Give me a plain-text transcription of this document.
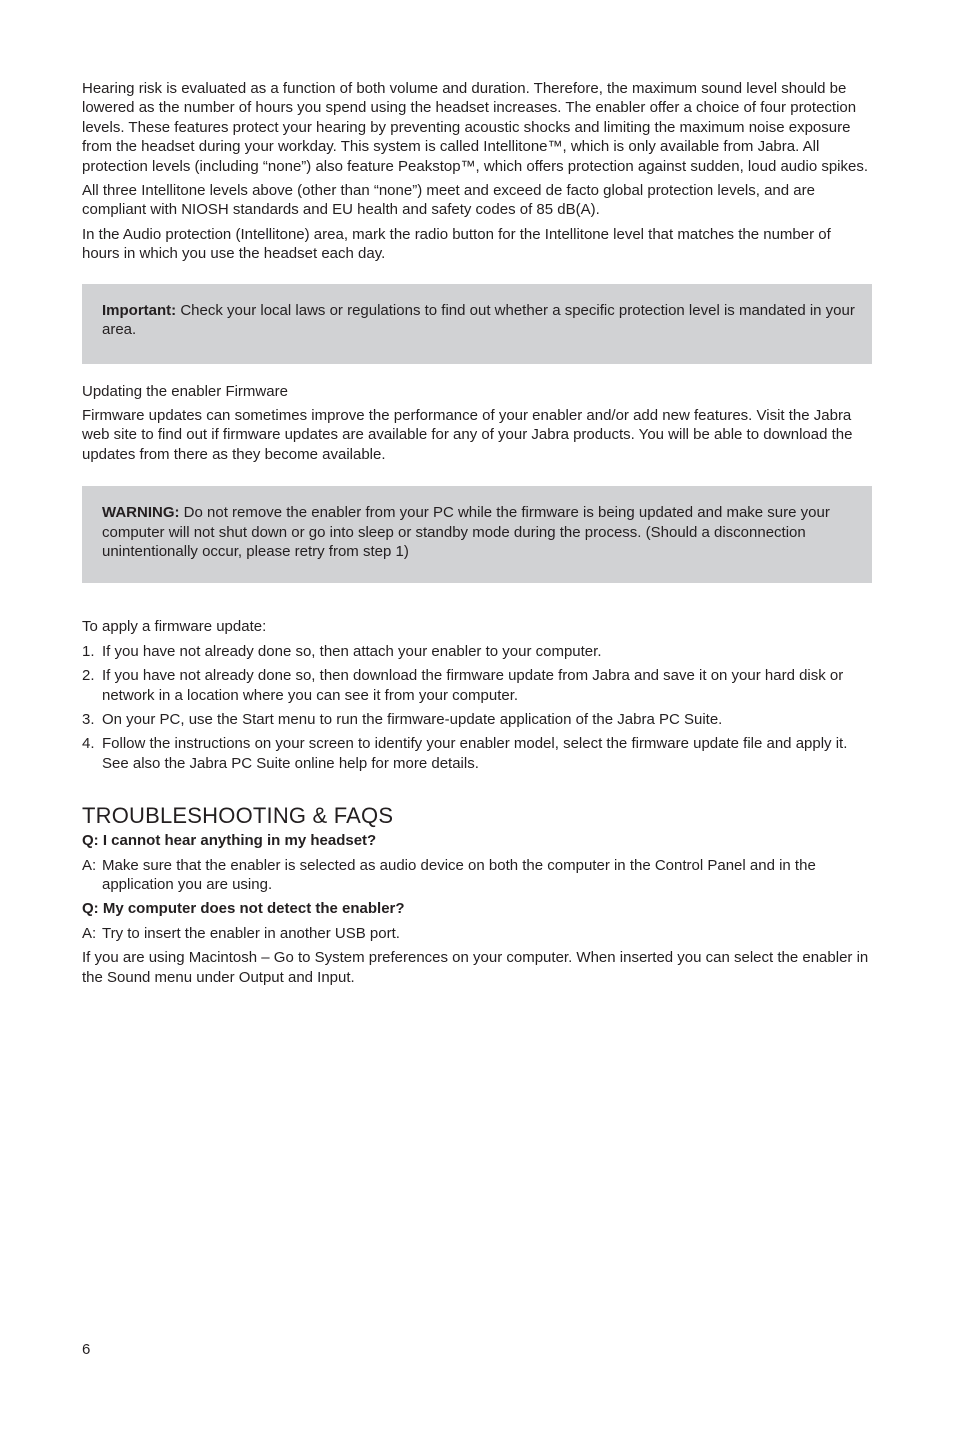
Hearing risk is evaluated as a function of both volume and duration. Therefore, the maximum sound level should be lowered as the number of hours you spend using the headset increases. The enabler offer a choice of four protection levels. These features protect your hearing by preventing acoustic shocks and limiting the maximum noise exposure from the headset during your workday. This system is called Intellitone™, which is only available from Jabra. All protection levels (including “none”) also feature Peakstop™, which offers protection against sudden, loud audio spikes.

All three Intellitone levels above (other than “none”) meet and exceed de facto global protection levels, and are compliant with NIOSH standards and EU health and safety codes of 85 dB(A).

In the Audio protection (Intellitone) area, mark the radio button for the Intellitone level that matches the number of hours in which you use the headset each day.

Important: Check your local laws or regulations to find out whether a specific protection level is mandated in your area.

Updating the enabler Firmware

Firmware updates can sometimes improve the performance of your enabler and/or add new features. Visit the Jabra web site to find out if firmware updates are available for any of your Jabra products. You will be able to download the updates from there as they become available.

WARNING: Do not remove the enabler from your PC while the firmware is being updated and make sure your computer will not shut down or go into sleep or standby mode during the process. (Should a disconnection unintentionally occur, please retry from step 1)

To apply a firmware update:

1. If you have not already done so, then attach your enabler to your computer.
2. If you have not already done so, then download the firmware update from Jabra and save it on your hard disk or network in a location where you can see it from your computer.
3. On your PC, use the Start menu to run the firmware-update application of the Jabra PC Suite.
4. Follow the instructions on your screen to identify your enabler model, select the firmware update file and apply it. See also the Jabra PC Suite online help for more details.
TROUBLESHOOTING & FAQS

Q: I cannot hear anything in my headset?

A: Make sure that the enabler is selected as audio device on both the computer in the Control Panel and in the application you are using.

Q: My computer does not detect the enabler?

A: Try to insert the enabler in another USB port.

If you are using Macintosh – Go to System preferences on your computer. When inserted you can select the enabler in the Sound menu under Output and Input.

6
